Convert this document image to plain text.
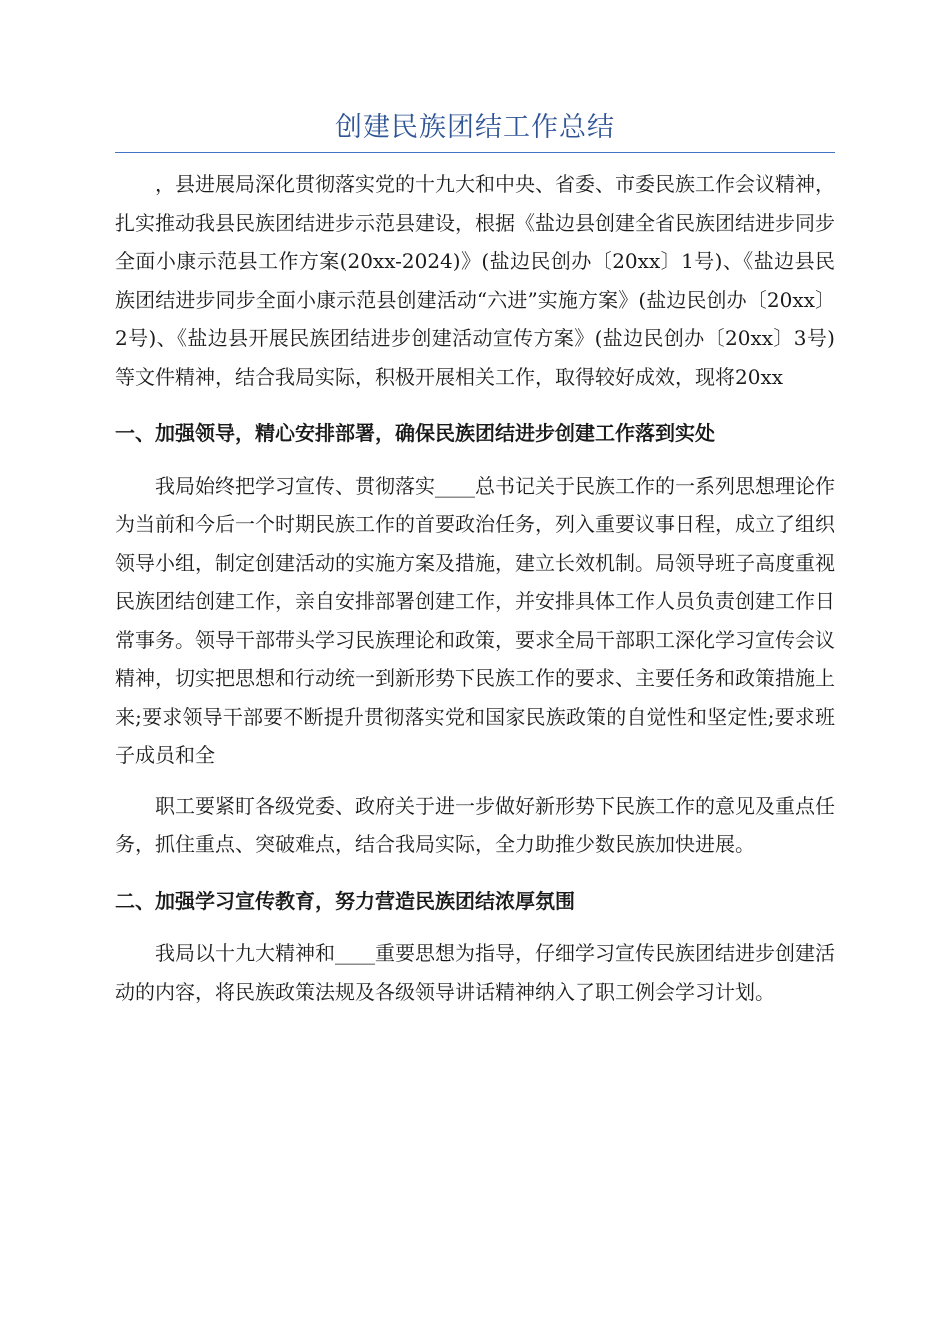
创建民族团结工作总结

，县进展局深化贯彻落实党的十九大和中央、省委、市委民族工作会议精神，扎实推动我县民族团结进步示范县建设，根据《盐边县创建全省民族团结进步同步全面小康示范县工作方案(20xx-2024)》(盐边民创办〔20xx〕1号)、《盐边县民族团结进步同步全面小康示范县创建活动“六进”实施方案》(盐边民创办〔20xx〕2号)、《盐边县开展民族团结进步创建活动宣传方案》(盐边民创办〔20xx〕3号)等文件精神，结合我局实际，积极开展相关工作，取得较好成效，现将20xx

一、加强领导，精心安排部署，确保民族团结进步创建工作落到实处

我局始终把学习宣传、贯彻落实____总书记关于民族工作的一系列思想理论作为当前和今后一个时期民族工作的首要政治任务，列入重要议事日程，成立了组织领导小组，制定创建活动的实施方案及措施，建立长效机制。局领导班子高度重视民族团结创建工作，亲自安排部署创建工作，并安排具体工作人员负责创建工作日常事务。领导干部带头学习民族理论和政策，要求全局干部职工深化学习宣传会议精神，切实把思想和行动统一到新形势下民族工作的要求、主要任务和政策措施上来;要求领导干部要不断提升贯彻落实党和国家民族政策的自觉性和坚定性;要求班子成员和全

职工要紧盯各级党委、政府关于进一步做好新形势下民族工作的意见及重点任务，抓住重点、突破难点，结合我局实际，全力助推少数民族加快进展。

二、加强学习宣传教育，努力营造民族团结浓厚氛围

我局以十九大精神和____重要思想为指导，仔细学习宣传民族团结进步创建活动的内容，将民族政策法规及各级领导讲话精神纳入了职工例会学习计划。
